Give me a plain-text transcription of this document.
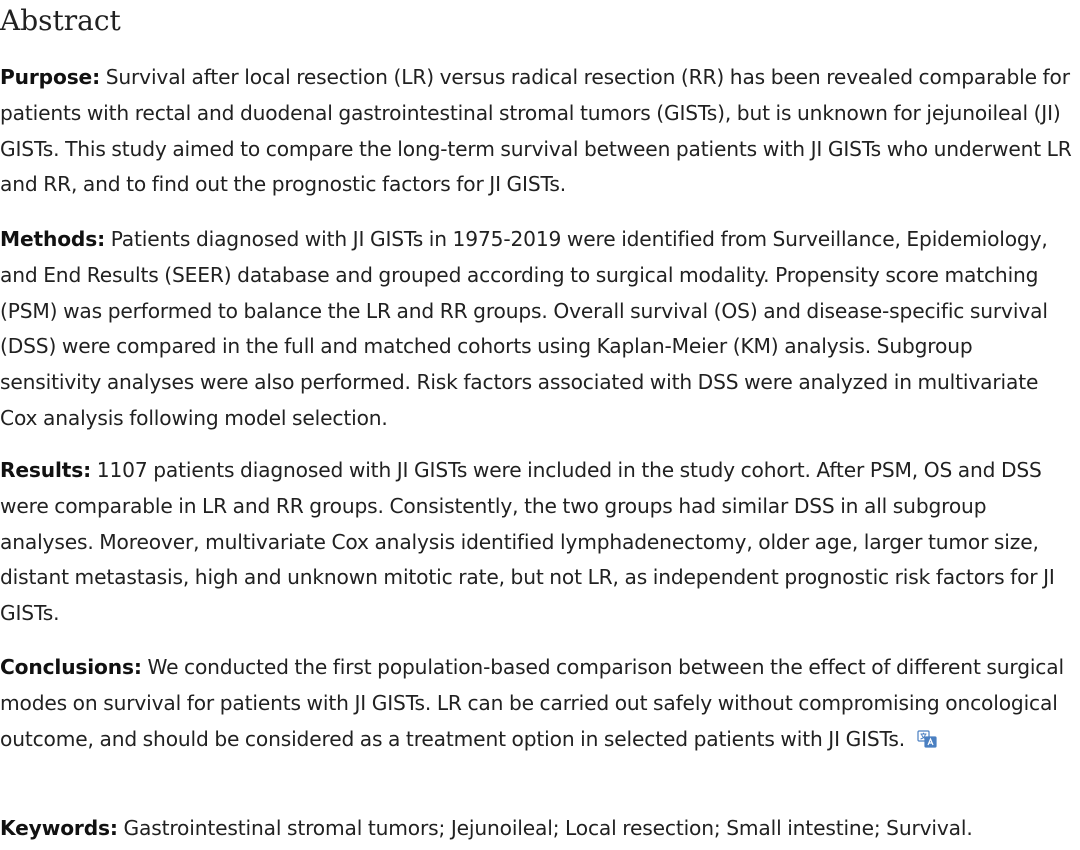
Abstract

Purpose: Survival after local resection (LR) versus radical resection (RR) has been revealed comparable for patients with rectal and duodenal gastrointestinal stromal tumors (GISTs), but is unknown for jejunoileal (JI) GISTs. This study aimed to compare the long-term survival between patients with JI GISTs who underwent LR and RR, and to find out the prognostic factors for JI GISTs.

Methods: Patients diagnosed with JI GISTs in 1975-2019 were identified from Surveillance, Epidemiology, and End Results (SEER) database and grouped according to surgical modality. Propensity score matching (PSM) was performed to balance the LR and RR groups. Overall survival (OS) and disease-specific survival (DSS) were compared in the full and matched cohorts using Kaplan-Meier (KM) analysis. Subgroup sensitivity analyses were also performed. Risk factors associated with DSS were analyzed in multivariate Cox analysis following model selection.

Results: 1107 patients diagnosed with JI GISTs were included in the study cohort. After PSM, OS and DSS were comparable in LR and RR groups. Consistently, the two groups had similar DSS in all subgroup analyses. Moreover, multivariate Cox analysis identified lymphadenectomy, older age, larger tumor size, distant metastasis, high and unknown mitotic rate, but not LR, as independent prognostic risk factors for JI GISTs.

Conclusions: We conducted the first population-based comparison between the effect of different surgical modes on survival for patients with JI GISTs. LR can be carried out safely without compromising oncological outcome, and should be considered as a treatment option in selected patients with JI GISTs.

Keywords: Gastrointestinal stromal tumors; Jejunoileal; Local resection; Small intestine; Survival.
